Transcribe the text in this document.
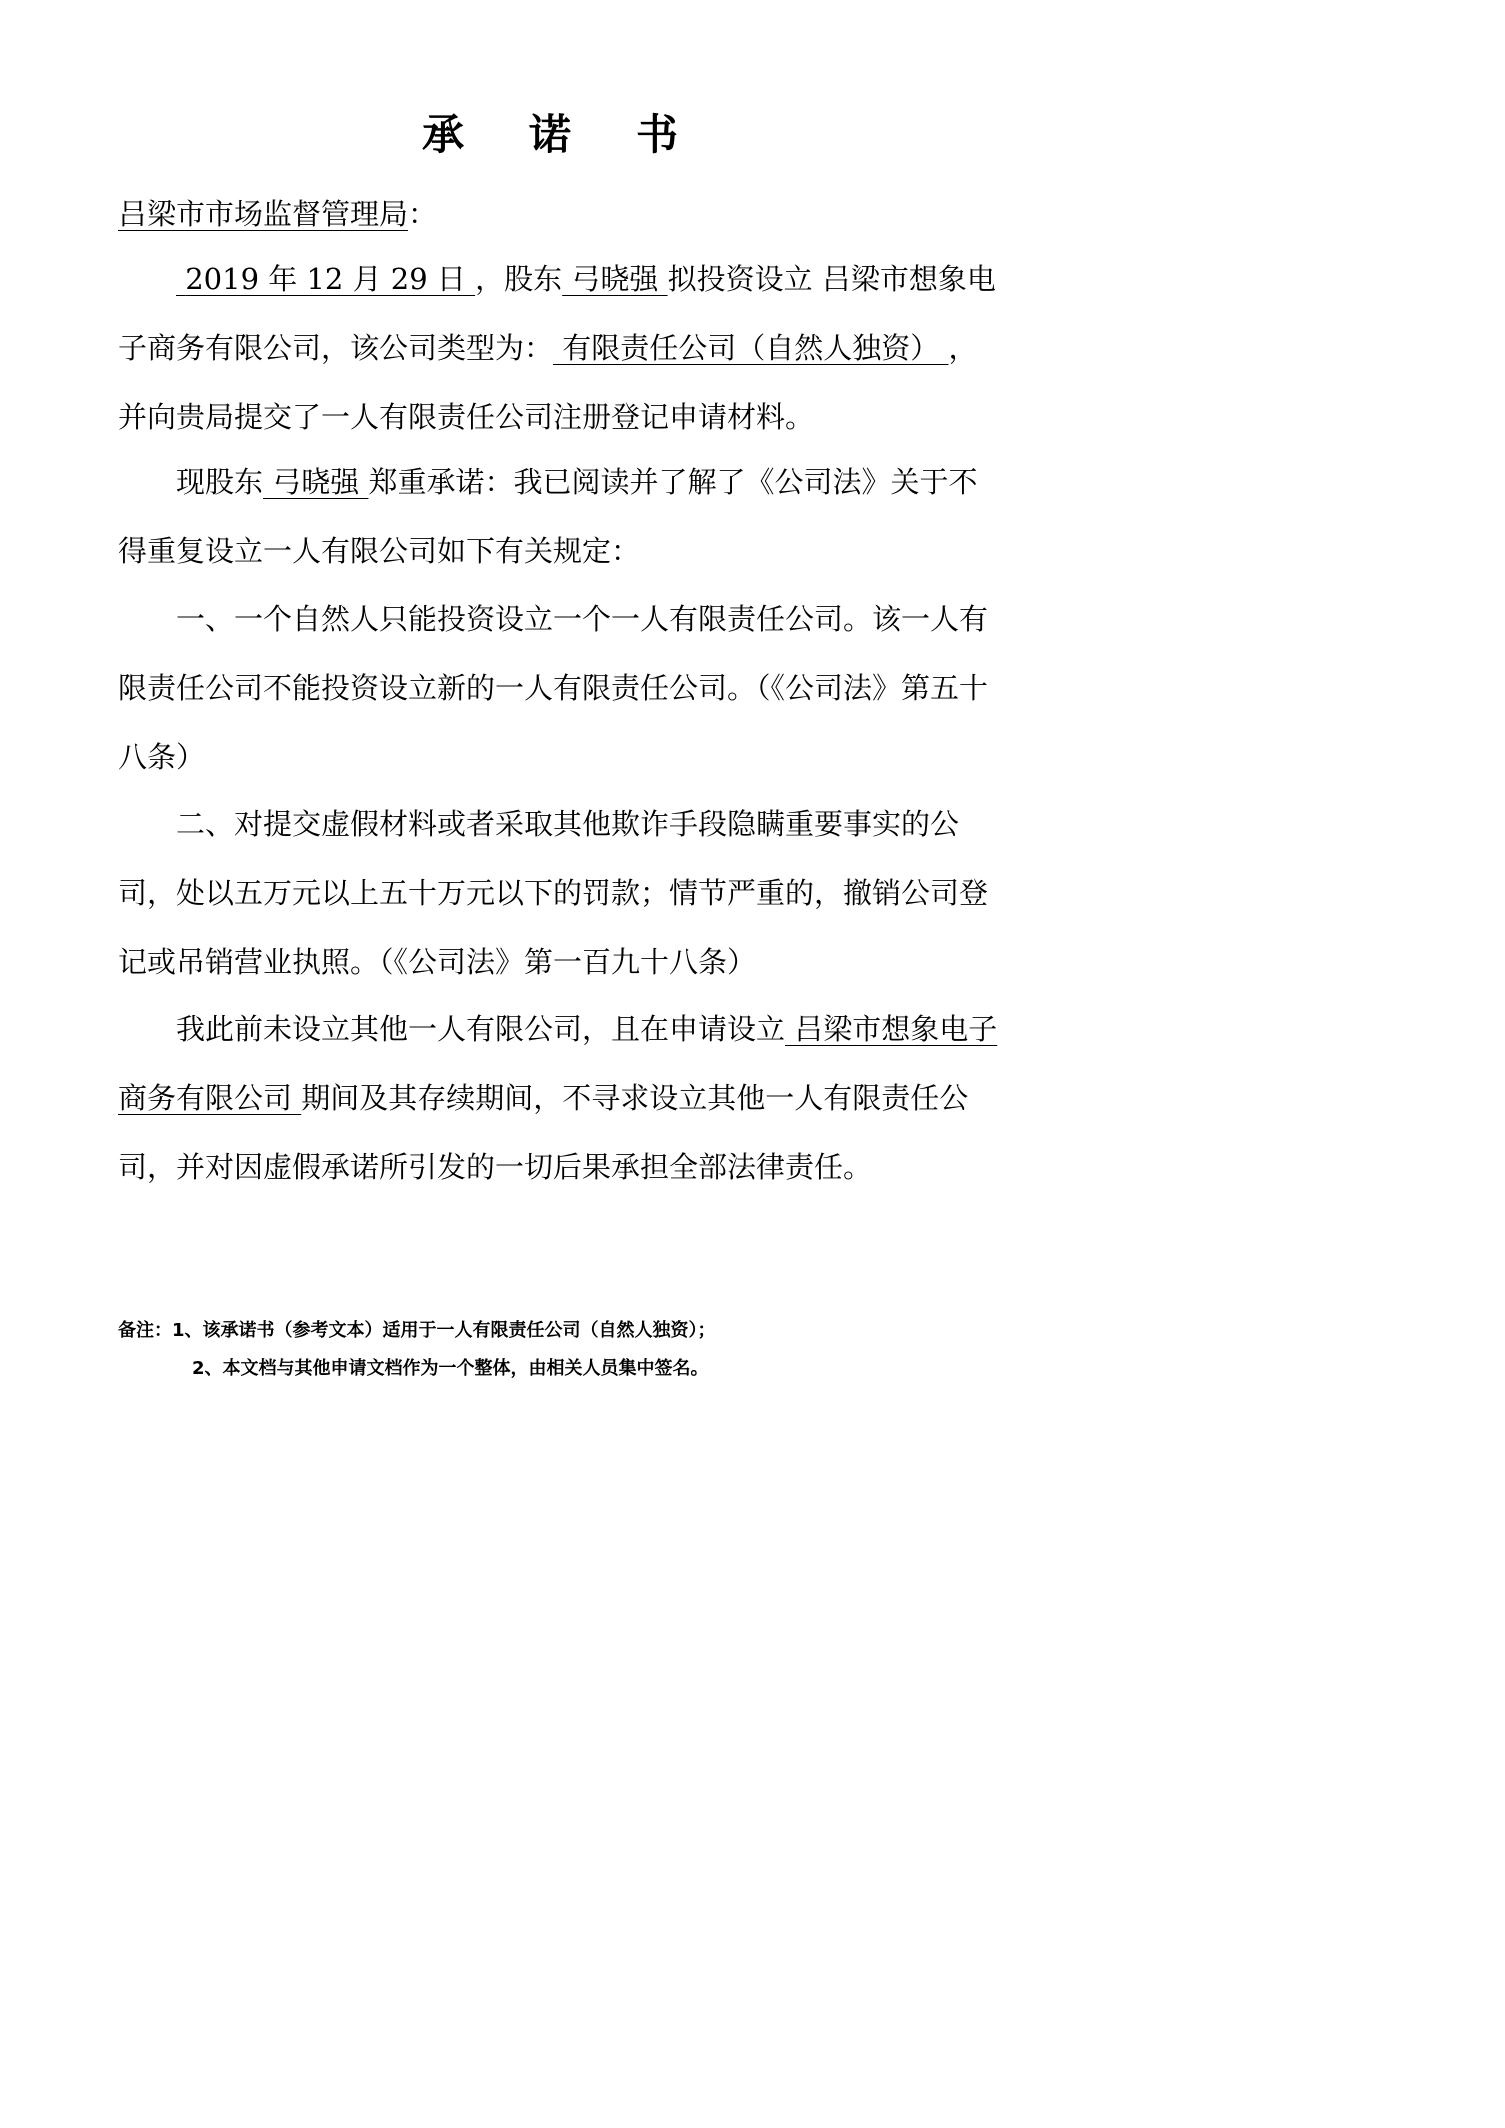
承 诺 书
吕梁市市场监督管理局：

2019 年 12 月 29 日 ，股东 弓晓强 拟投资设立 吕梁市想象电子商务有限公司，该公司类型为： 有限责任公司（自然人独资） ，并向贵局提交了一人有限责任公司注册登记申请材料。

现股东 弓晓强 郑重承诺：我已阅读并了解了《公司法》关于不得重复设立一人有限公司如下有关规定：

一、一个自然人只能投资设立一个一人有限责任公司。该一人有限责任公司不能投资设立新的一人有限责任公司。（《公司法》第五十八条）

二、对提交虚假材料或者采取其他欺诈手段隐瞒重要事实的公司，处以五万元以上五十万元以下的罚款；情节严重的，撤销公司登记或吊销营业执照。（《公司法》第一百九十八条）

我此前未设立其他一人有限公司，且在申请设立 吕梁市想象电子商务有限公司 期间及其存续期间，不寻求设立其他一人有限责任公司，并对因虚假承诺所引发的一切后果承担全部法律责任。

备注：1、该承诺书（参考文本）适用于一人有限责任公司（自然人独资）；
2、本文档与其他申请文档作为一个整体，由相关人员集中签名。
